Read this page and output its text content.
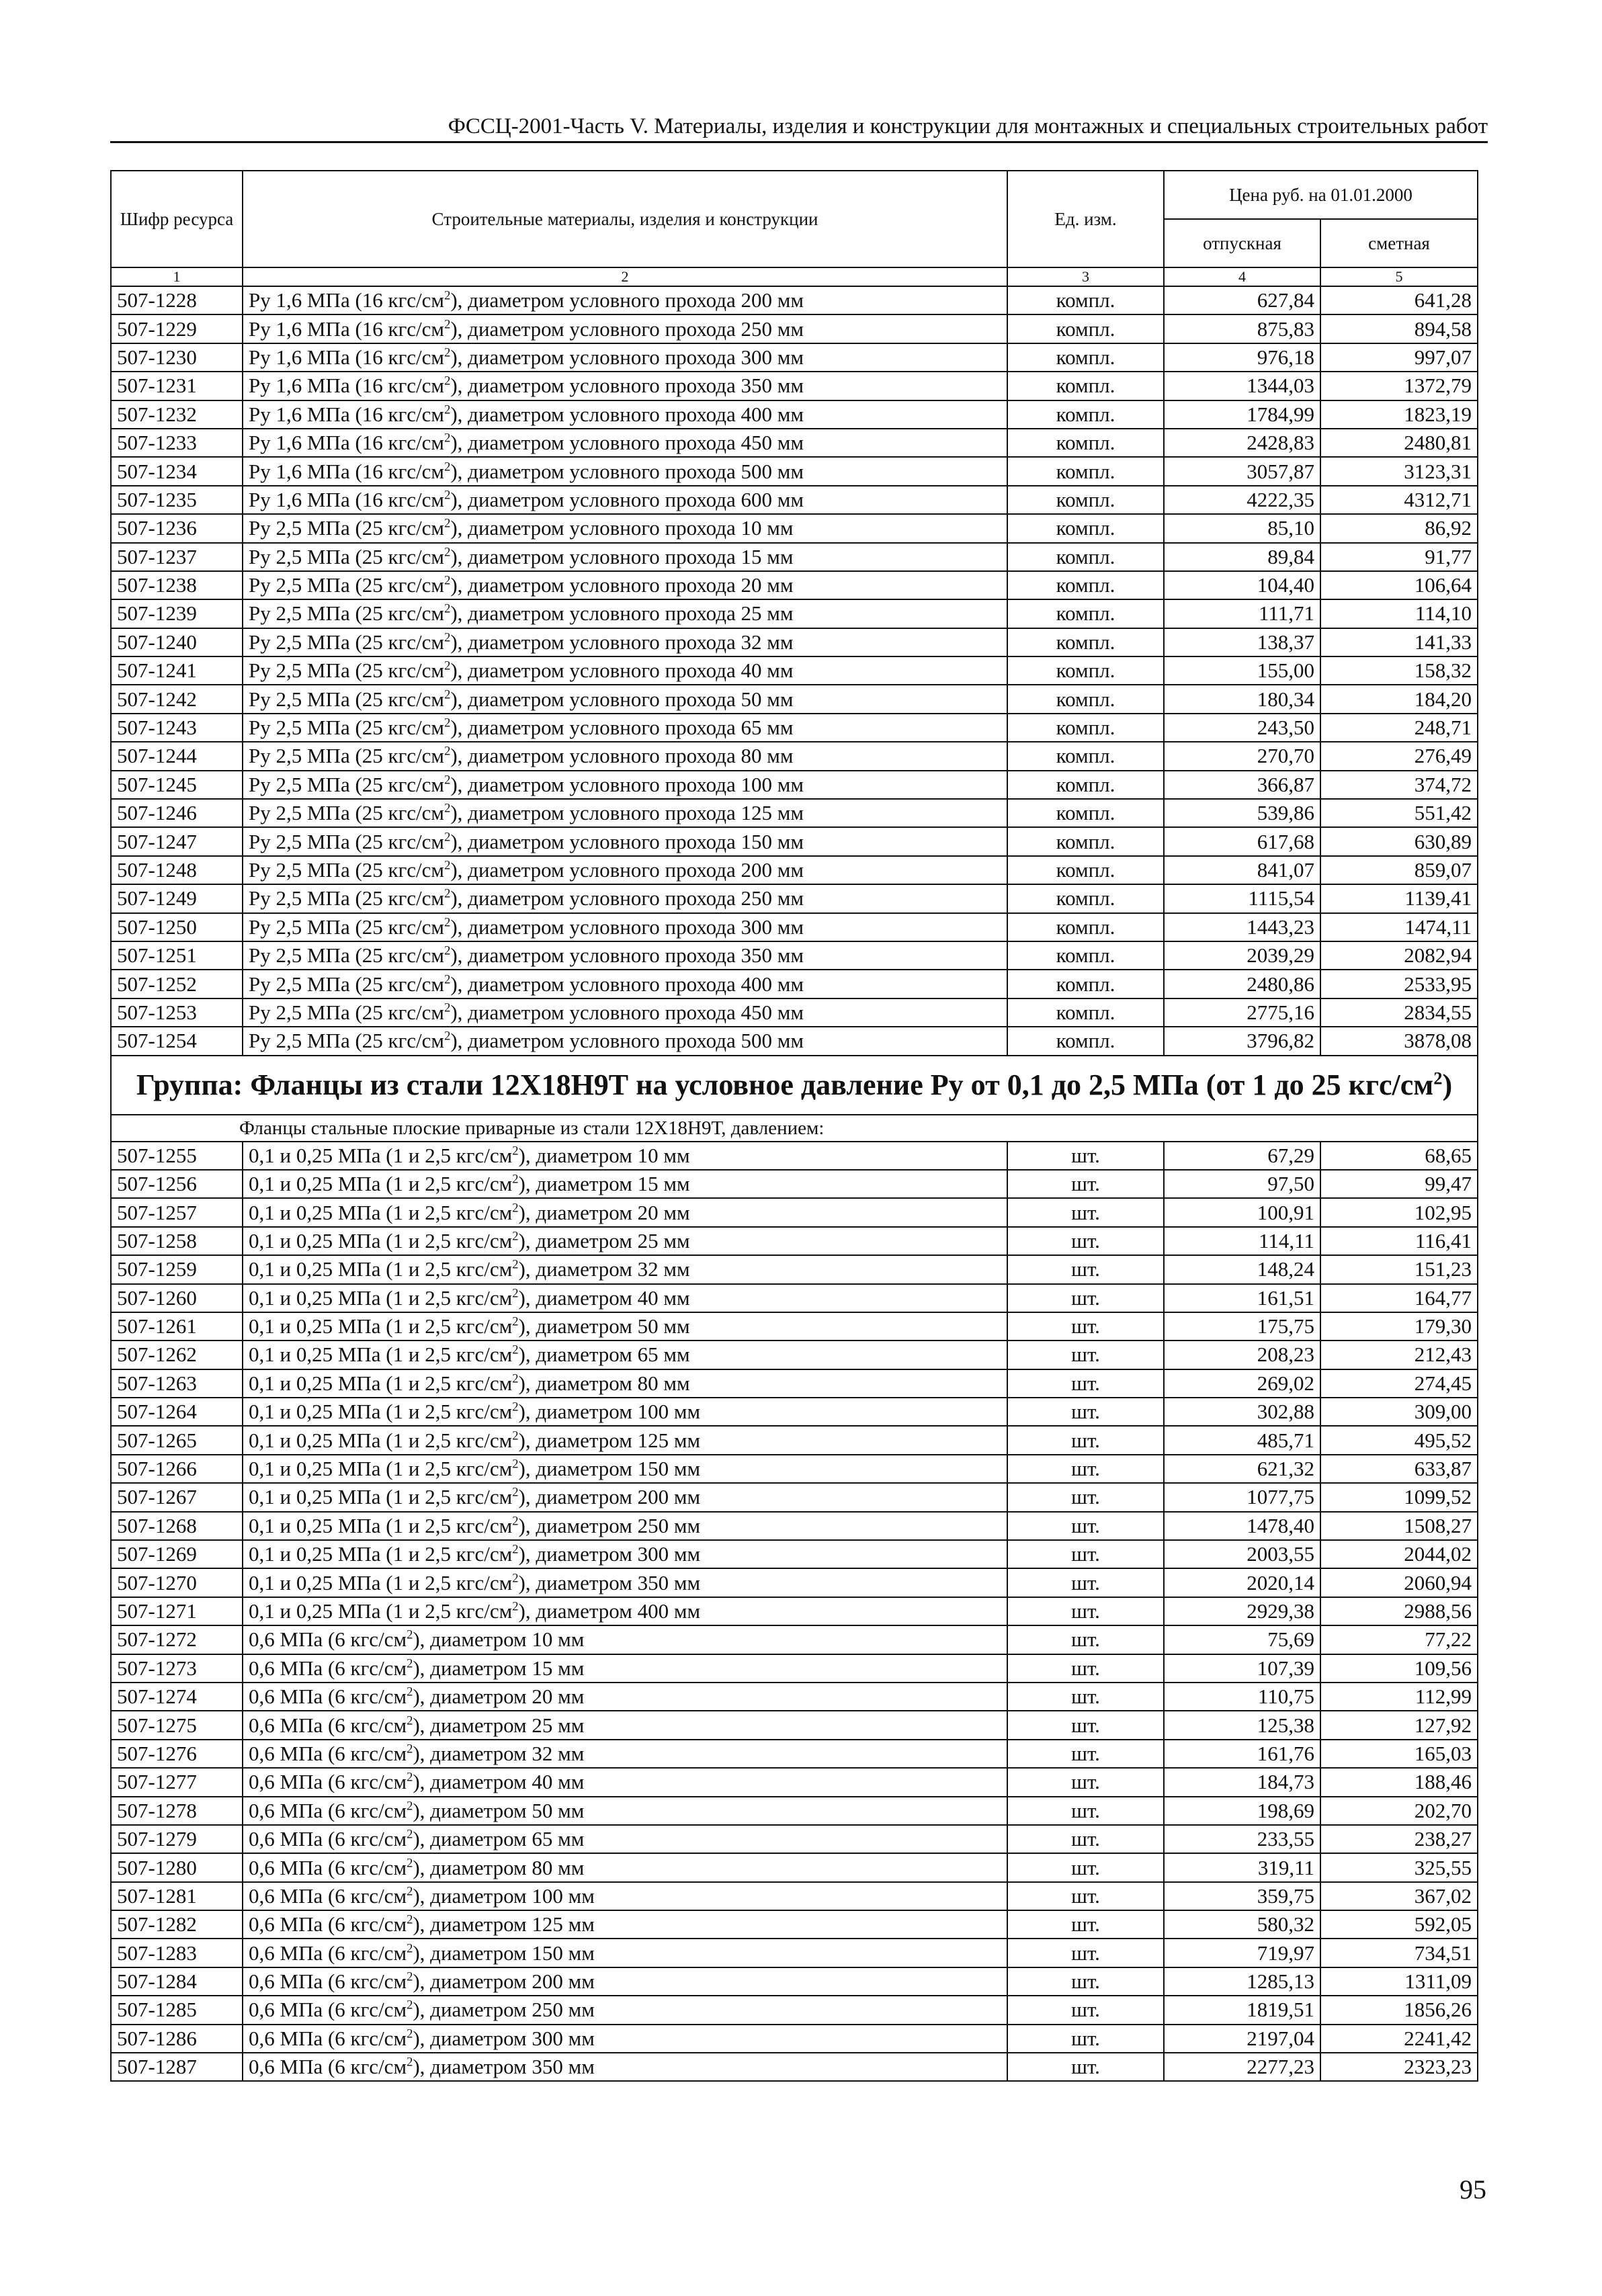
ФССЦ-2001-Часть V. Материалы, изделия и конструкции для монтажных и специальных строительных работ
Шифр ресурса	Строительные материалы, изделия и конструкции	Ед. изм.	Цена руб. на 01.01.2000	
			отпускная	сметная
1	2	3	4	5
507-1228	Ру 1,6 МПа (16 кгс/$см^2$), диаметром условного прохода 200 мм	компл.	627,84	641,28
507-1229	Ру 1,6 МПа (16 кгс/$см^2$), диаметром условного прохода 250 мм	компл.	875,83	894,58
507-1230	Ру 1,6 МПа (16 кгс/$см^2$), диаметром условного прохода 300 мм	компл.	976,18	997,07
507-1231	Ру 1,6 МПа (16 кгс/$см^2$), диаметром условного прохода 350 мм	компл.	1344,03	1372,79
507-1232	Ру 1,6 МПа (16 кгс/$см^2$), диаметром условного прохода 400 мм	компл.	1784,99	1823,19
507-1233	Ру 1,6 МПа (16 кгс/$см^2$), диаметром условного прохода 450 мм	компл.	2428,83	2480,81
507-1234	Ру 1,6 МПа (16 кгс/$см^2$), диаметром условного прохода 500 мм	компл.	3057,87	3123,31
507-1235	Ру 1,6 МПа (16 кгс/$см^2$), диаметром условного прохода 600 мм	компл.	4222,35	4312,71
507-1236	Ру 2,5 МПа (25 кгс/$см^2$), диаметром условного прохода 10 мм	компл.	85,10	86,92
507-1237	Ру 2,5 МПа (25 кгс/$см^2$), диаметром условного прохода 15 мм	компл.	89,84	91,77
507-1238	Ру 2,5 МПа (25 кгс/$см^2$), диаметром условного прохода 20 мм	компл.	104,40	106,64
507-1239	Ру 2,5 МПа (25 кгс/$см^2$), диаметром условного прохода 25 мм	компл.	111,71	114,10
507-1240	Ру 2,5 МПа (25 кгс/$см^2$), диаметром условного прохода 32 мм	компл.	138,37	141,33
507-1241	Ру 2,5 МПа (25 кгс/$см^2$), диаметром условного прохода 40 мм	компл.	155,00	158,32
507-1242	Ру 2,5 МПа (25 кгс/$см^2$), диаметром условного прохода 50 мм	компл.	180,34	184,20
507-1243	Ру 2,5 МПа (25 кгс/$см^2$), диаметром условного прохода 65 мм	компл.	243,50	248,71
507-1244	Ру 2,5 МПа (25 кгс/$см^2$), диаметром условного прохода 80 мм	компл.	270,70	276,49
507-1245	Ру 2,5 МПа (25 кгс/$см^2$), диаметром условного прохода 100 мм	компл.	366,87	374,72
507-1246	Ру 2,5 МПа (25 кгс/$см^2$), диаметром условного прохода 125 мм	компл.	539,86	551,42
507-1247	Ру 2,5 МПа (25 кгс/$см^2$), диаметром условного прохода 150 мм	компл.	617,68	630,89
507-1248	Ру 2,5 МПа (25 кгс/$см^2$), диаметром условного прохода 200 мм	компл.	841,07	859,07
507-1249	Ру 2,5 МПа (25 кгс/$см^2$), диаметром условного прохода 250 мм	компл.	1115,54	1139,41
507-1250	Ру 2,5 МПа (25 кгс/$см^2$), диаметром условного прохода 300 мм	компл.	1443,23	1474,11
507-1251	Ру 2,5 МПа (25 кгс/$см^2$), диаметром условного прохода 350 мм	компл.	2039,29	2082,94
507-1252	Ру 2,5 МПа (25 кгс/$см^2$), диаметром условного прохода 400 мм	компл.	2480,86	2533,95
507-1253	Ру 2,5 МПа (25 кгс/$см^2$), диаметром условного прохода 450 мм	компл.	2775,16	2834,55
507-1254	Ру 2,5 МПа (25 кгс/$см^2$), диаметром условного прохода 500 мм	компл.	3796,82	3878,08
Группа: Фланцы из стали 12Х18Н9Т на условное давление Ру от 0,1 до 2,5 МПа (от 1 до 25 кгс/$см^2$)				
Фланцы стальные плоские приварные из стали 12Х18Н9Т, давлением:				
507-1255	0,1 и 0,25 МПа (1 и 2,5 кгс/$см^2$), диаметром 10 мм	шт.	67,29	68,65
507-1256	0,1 и 0,25 МПа (1 и 2,5 кгс/$см^2$), диаметром 15 мм	шт.	97,50	99,47
507-1257	0,1 и 0,25 МПа (1 и 2,5 кгс/$см^2$), диаметром 20 мм	шт.	100,91	102,95
507-1258	0,1 и 0,25 МПа (1 и 2,5 кгс/$см^2$), диаметром 25 мм	шт.	114,11	116,41
507-1259	0,1 и 0,25 МПа (1 и 2,5 кгс/$см^2$), диаметром 32 мм	шт.	148,24	151,23
507-1260	0,1 и 0,25 МПа (1 и 2,5 кгс/$см^2$), диаметром 40 мм	шт.	161,51	164,77
507-1261	0,1 и 0,25 МПа (1 и 2,5 кгс/$см^2$), диаметром 50 мм	шт.	175,75	179,30
507-1262	0,1 и 0,25 МПа (1 и 2,5 кгс/$см^2$), диаметром 65 мм	шт.	208,23	212,43
507-1263	0,1 и 0,25 МПа (1 и 2,5 кгс/$см^2$), диаметром 80 мм	шт.	269,02	274,45
507-1264	0,1 и 0,25 МПа (1 и 2,5 кгс/$см^2$), диаметром 100 мм	шт.	302,88	309,00
507-1265	0,1 и 0,25 МПа (1 и 2,5 кгс/$см^2$), диаметром 125 мм	шт.	485,71	495,52
507-1266	0,1 и 0,25 МПа (1 и 2,5 кгс/$см^2$), диаметром 150 мм	шт.	621,32	633,87
507-1267	0,1 и 0,25 МПа (1 и 2,5 кгс/$см^2$), диаметром 200 мм	шт.	1077,75	1099,52
507-1268	0,1 и 0,25 МПа (1 и 2,5 кгс/$см^2$), диаметром 250 мм	шт.	1478,40	1508,27
507-1269	0,1 и 0,25 МПа (1 и 2,5 кгс/$см^2$), диаметром 300 мм	шт.	2003,55	2044,02
507-1270	0,1 и 0,25 МПа (1 и 2,5 кгс/$см^2$), диаметром 350 мм	шт.	2020,14	2060,94
507-1271	0,1 и 0,25 МПа (1 и 2,5 кгс/$см^2$), диаметром 400 мм	шт.	2929,38	2988,56
507-1272	0,6 МПа (6 кгс/$см^2$), диаметром 10 мм	шт.	75,69	77,22
507-1273	0,6 МПа (6 кгс/$см^2$), диаметром 15 мм	шт.	107,39	109,56
507-1274	0,6 МПа (6 кгс/$см^2$), диаметром 20 мм	шт.	110,75	112,99
507-1275	0,6 МПа (6 кгс/$см^2$), диаметром 25 мм	шт.	125,38	127,92
507-1276	0,6 МПа (6 кгс/$см^2$), диаметром 32 мм	шт.	161,76	165,03
507-1277	0,6 МПа (6 кгс/$см^2$), диаметром 40 мм	шт.	184,73	188,46
507-1278	0,6 МПа (6 кгс/$см^2$), диаметром 50 мм	шт.	198,69	202,70
507-1279	0,6 МПа (6 кгс/$см^2$), диаметром 65 мм	шт.	233,55	238,27
507-1280	0,6 МПа (6 кгс/$см^2$), диаметром 80 мм	шт.	319,11	325,55
507-1281	0,6 МПа (6 кгс/$см^2$), диаметром 100 мм	шт.	359,75	367,02
507-1282	0,6 МПа (6 кгс/$см^2$), диаметром 125 мм	шт.	580,32	592,05
507-1283	0,6 МПа (6 кгс/$см^2$), диаметром 150 мм	шт.	719,97	734,51
507-1284	0,6 МПа (6 кгс/$см^2$), диаметром 200 мм	шт.	1285,13	1311,09
507-1285	0,6 МПа (6 кгс/$см^2$), диаметром 250 мм	шт.	1819,51	1856,26
507-1286	0,6 МПа (6 кгс/$см^2$), диаметром 300 мм	шт.	2197,04	2241,42
507-1287	0,6 МПа (6 кгс/$см^2$), диаметром 350 мм	шт.	2277,23	2323,23
95
